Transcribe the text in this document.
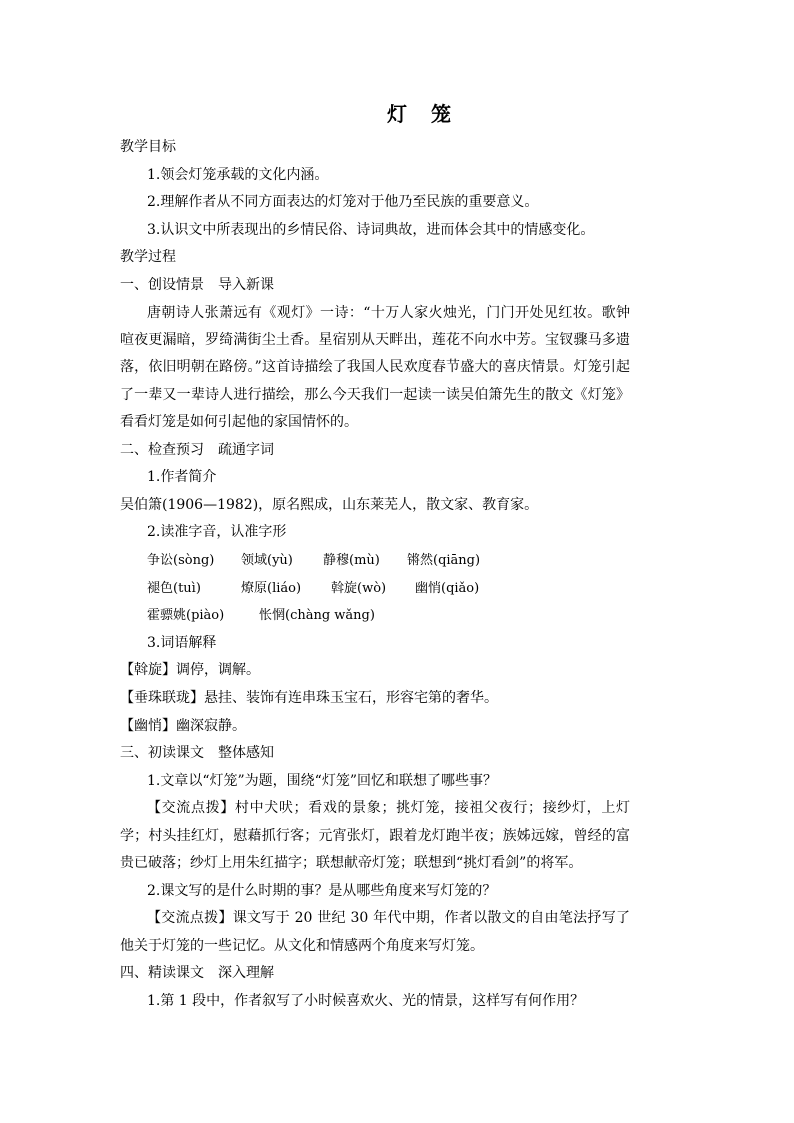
灯 笼
教学目标
1.领会灯笼承载的文化内涵。
2.理解作者从不同方面表达的灯笼对于他乃至民族的重要意义。
3.认识文中所表现出的乡情民俗、诗词典故，进而体会其中的情感变化。
教学过程
一、创设情景　导入新课
唐朝诗人张萧远有《观灯》一诗：“十万人家火烛光，门门开处见红妆。歌钟喧夜更漏暗，罗绮满街尘土香。星宿别从天畔出，莲花不向水中芳。宝钗骤马多遗落，依旧明朝在路傍。”这首诗描绘了我国人民欢度春节盛大的喜庆情景。灯笼引起了一辈又一辈诗人进行描绘，那么今天我们一起读一读吴伯箫先生的散文《灯笼》看看灯笼是如何引起他的家国情怀的。
二、检查预习　疏通字词
1.作者简介
吴伯箫(1906—1982)，原名熙成，山东莱芜人，散文家、教育家。
2.读准字音，认准字形
争讼(sòng) 领域(yù) 静穆(mù) 锵然(qiāng)
褪色(tuì)	燎原(liáo) 斡旋(wò) 幽悄(qiǎo)
霍骠姚(piào)	怅惘(chàng wǎng)
3.词语解释
【斡旋】调停，调解。
【垂珠联珑】悬挂、装饰有连串珠玉宝石，形容宅第的奢华。
【幽悄】幽深寂静。
三、初读课文　整体感知
1.文章以“灯笼”为题，围绕“灯笼”回忆和联想了哪些事？
【交流点拨】村中犬吠；看戏的景象；挑灯笼，接祖父夜行；接纱灯，上灯学；村头挂红灯，慰藉抓行客；元宵张灯，跟着龙灯跑半夜；族姊远嫁，曾经的富贵已破落；纱灯上用朱红描字；联想献帝灯笼；联想到“挑灯看剑”的将军。
2.课文写的是什么时期的事？是从哪些角度来写灯笼的？
【交流点拨】课文写于 20 世纪 30 年代中期，作者以散文的自由笔法抒写了他关于灯笼的一些记忆。从文化和情感两个角度来写灯笼。
四、精读课文　深入理解
1.第 1 段中，作者叙写了小时候喜欢火、光的情景，这样写有何作用？
